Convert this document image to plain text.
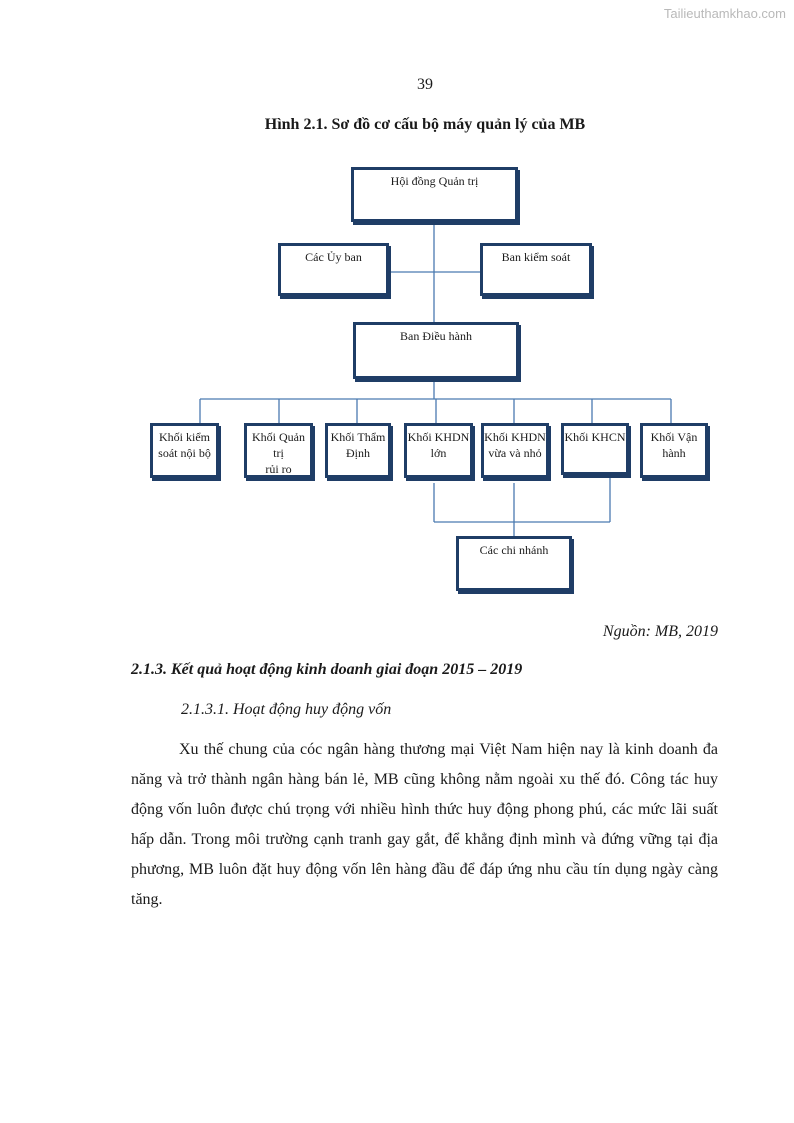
Tailieuthamkhao.com
39
Hình 2.1. Sơ đồ cơ cấu bộ máy quản lý của MB
Hội đồng Quản trị
Các Ủy ban	Ban kiểm soát
Ban Điều hành
Khối kiểm
soát nội bộ
Khối Quản trị
rủi ro
Khối Thẩm
Định
Khối KHDN
lớn
Khối KHDN
vừa và nhỏ
Khối KHCN	Khối Vận
hành
Các chi nhánh
Nguồn: MB, 2019
2.1.3. Kết quả hoạt động kinh doanh giai đoạn 2015 – 2019
2.1.3.1. Hoạt động huy động vốn

Xu thế chung của cóc ngân hàng thương mại Việt Nam hiện nay là kinh doanh đa năng và trở thành ngân hàng bán lẻ, MB cũng không nằm ngoài xu thế đó. Công tác huy động vốn luôn được chú trọng với nhiều hình thức huy động phong phú, các mức lãi suất hấp dẫn. Trong môi trường cạnh tranh gay gắt, để khẳng định mình và đứng vững tại địa phương, MB luôn đặt huy động vốn lên hàng đầu để đáp ứng nhu cầu tín dụng ngày càng tăng.
